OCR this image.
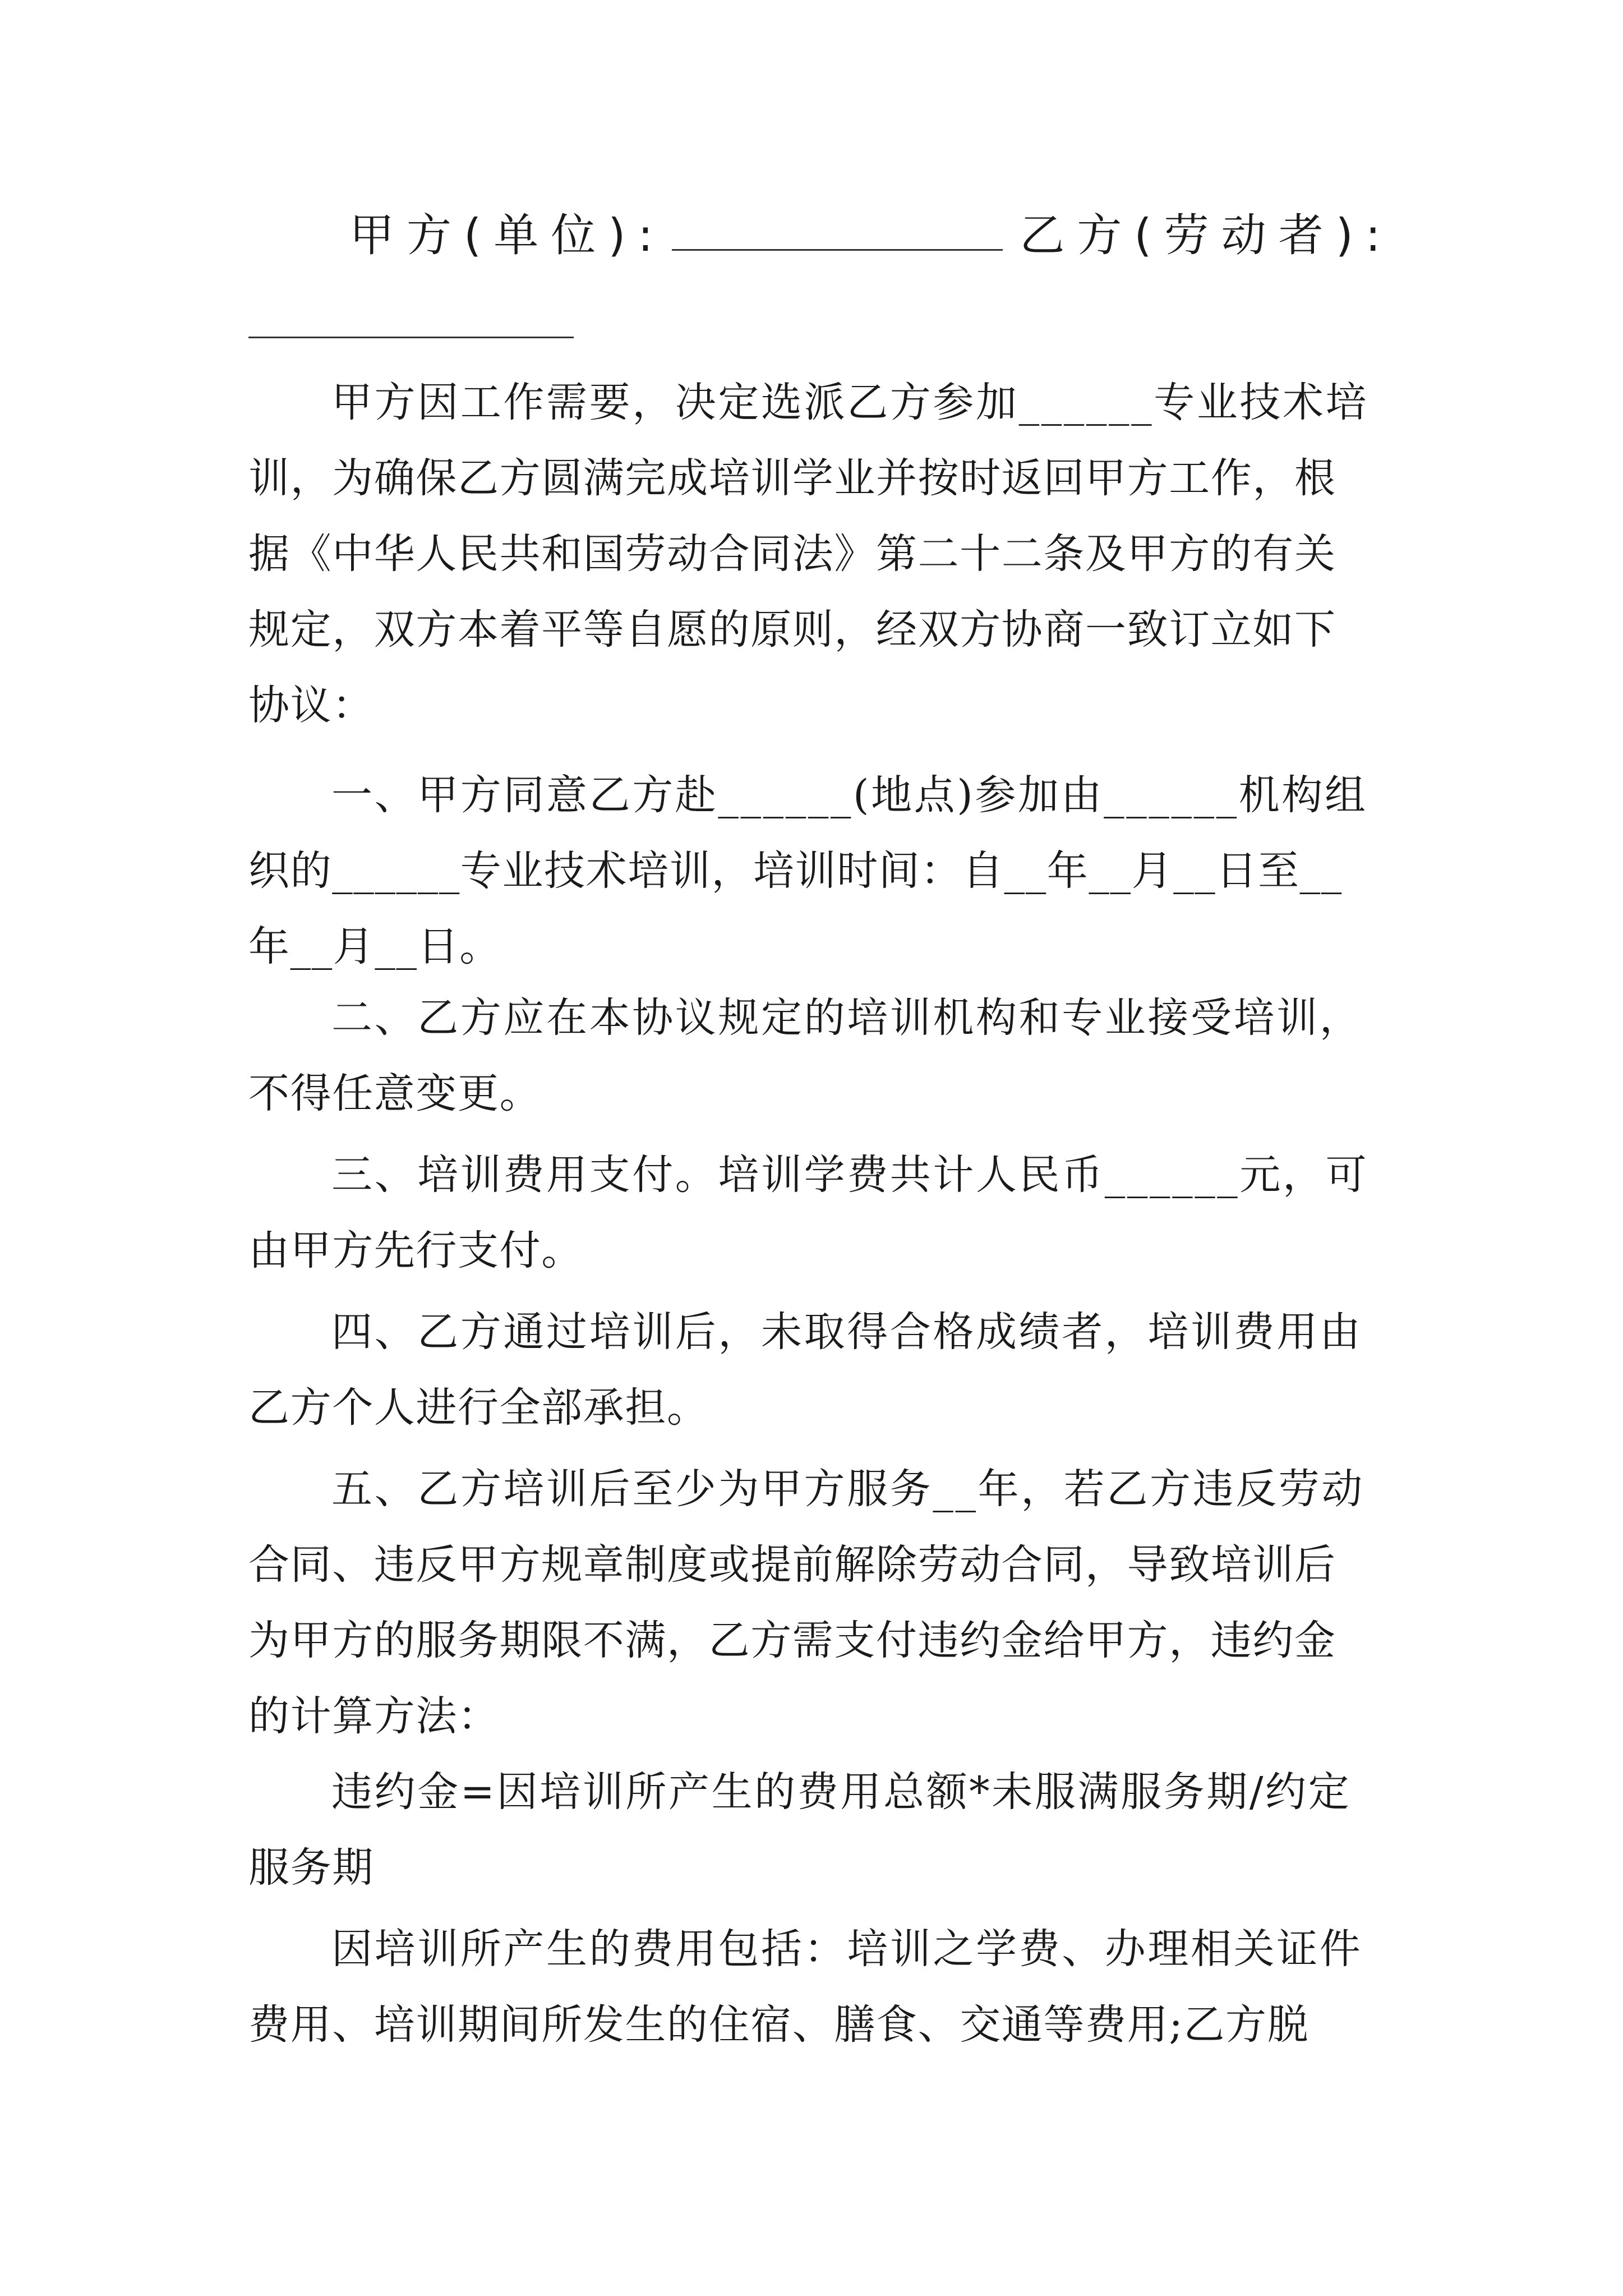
甲方(单位):	乙方(劳动者):
甲方因工作需要，决定选派乙方参加______专业技术培
训，为确保乙方圆满完成培训学业并按时返回甲方工作，根
据《中华人民共和国劳动合同法》第二十二条及甲方的有关
规定，双方本着平等自愿的原则，经双方协商一致订立如下
协议：
一、甲方同意乙方赴______(地点)参加由______机构组
织的______专业技术培训，培训时间：自__年__月__日至__
年__月__日。
二、乙方应在本协议规定的培训机构和专业接受培训，
不得任意变更。
三、培训费用支付。培训学费共计人民币______元，可
由甲方先行支付。
四、乙方通过培训后，未取得合格成绩者，培训费用由
乙方个人进行全部承担。
五、乙方培训后至少为甲方服务__年，若乙方违反劳动
合同、违反甲方规章制度或提前解除劳动合同，导致培训后
为甲方的服务期限不满，乙方需支付违约金给甲方，违约金
的计算方法：
违约金=因培训所产生的费用总额*未服满服务期/约定
服务期
因培训所产生的费用包括：培训之学费、办理相关证件
费用、培训期间所发生的住宿、膳食、交通等费用;乙方脱
